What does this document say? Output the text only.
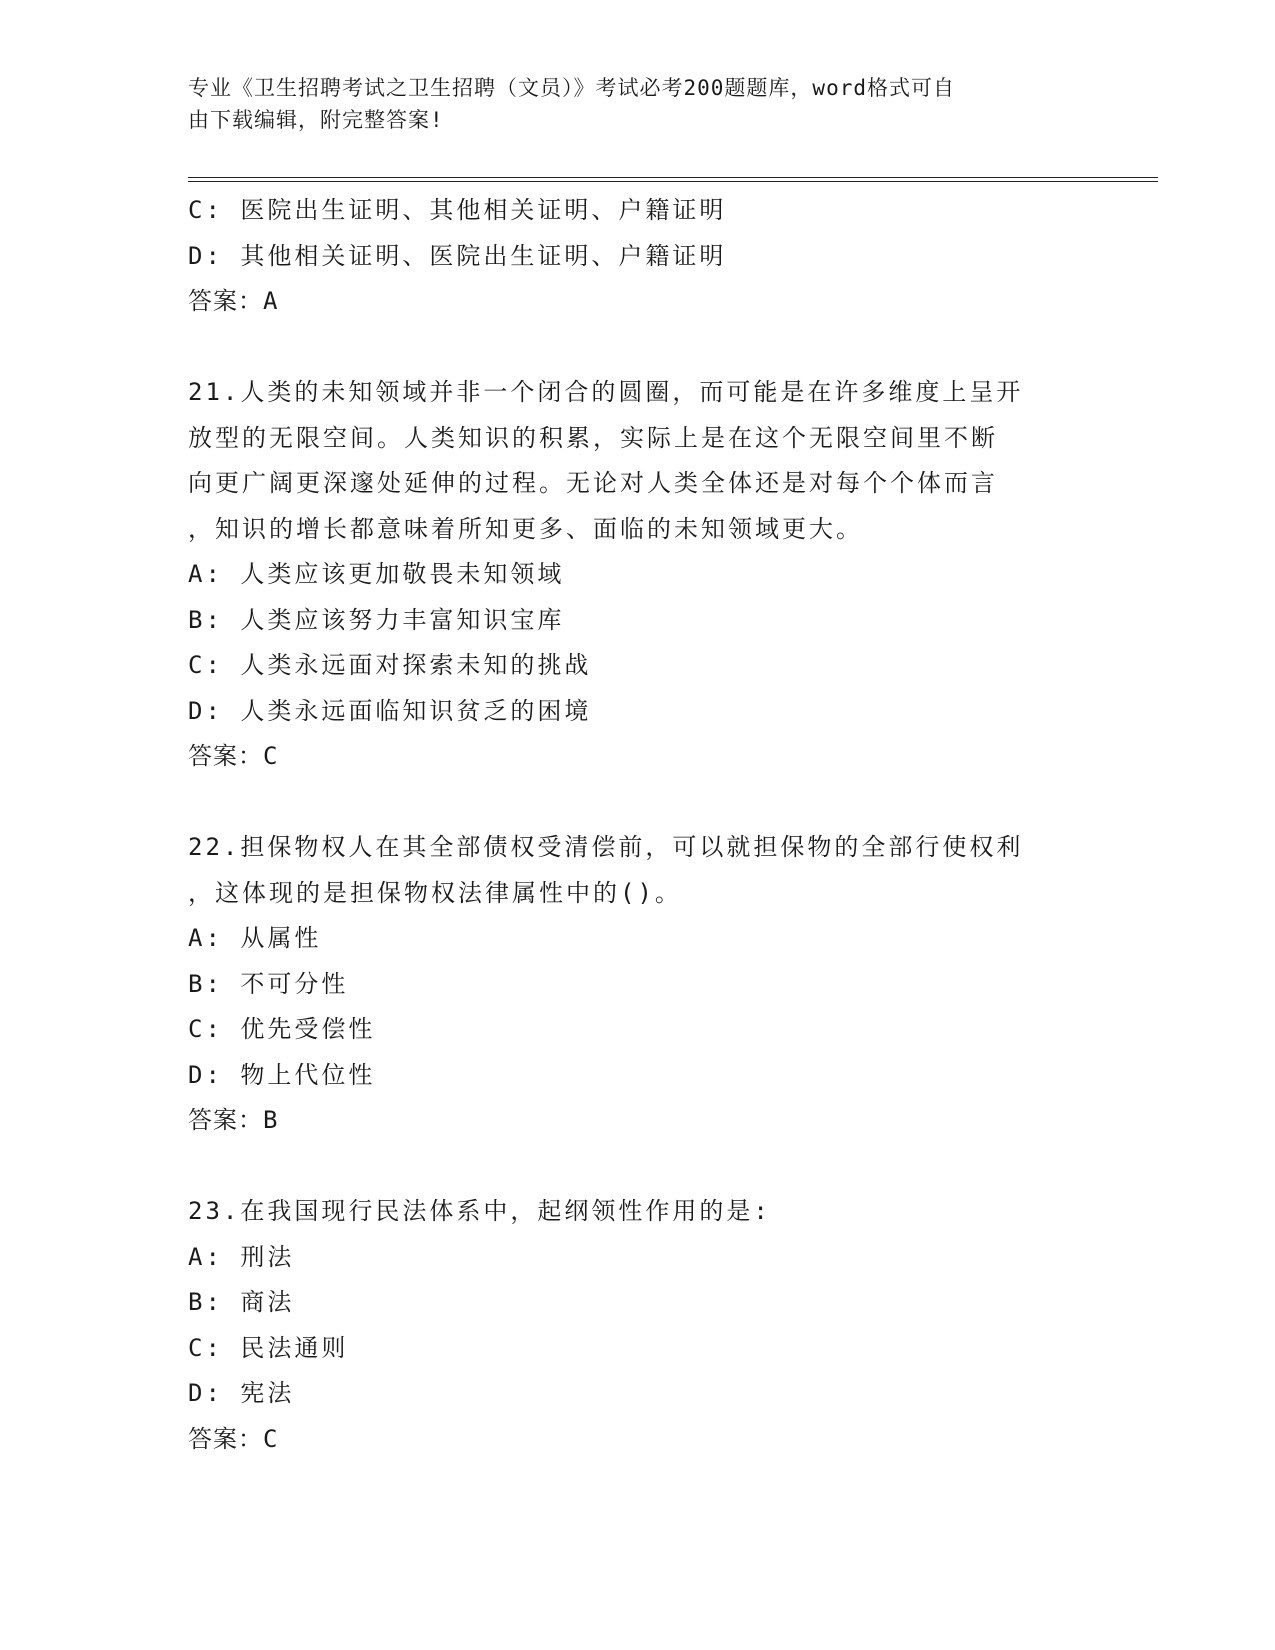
专业《卫生招聘考试之卫生招聘（文员）》考试必考200题题库，word格式可自
由下载编辑，附完整答案!
C: 医院出生证明、其他相关证明、户籍证明
D: 其他相关证明、医院出生证明、户籍证明
答案：A
21.人类的未知领域并非一个闭合的圆圈，而可能是在许多维度上呈开
放型的无限空间。人类知识的积累，实际上是在这个无限空间里不断
向更广阔更深邃处延伸的过程。无论对人类全体还是对每个个体而言
，知识的增长都意味着所知更多、面临的未知领域更大。
A: 人类应该更加敬畏未知领域
B: 人类应该努力丰富知识宝库
C: 人类永远面对探索未知的挑战
D: 人类永远面临知识贫乏的困境
答案：C
22.担保物权人在其全部债权受清偿前，可以就担保物的全部行使权利
，这体现的是担保物权法律属性中的()。
A: 从属性
B: 不可分性
C: 优先受偿性
D: 物上代位性
答案：B
23.在我国现行民法体系中，起纲领性作用的是:
A: 刑法
B: 商法
C: 民法通则
D: 宪法
答案：C
